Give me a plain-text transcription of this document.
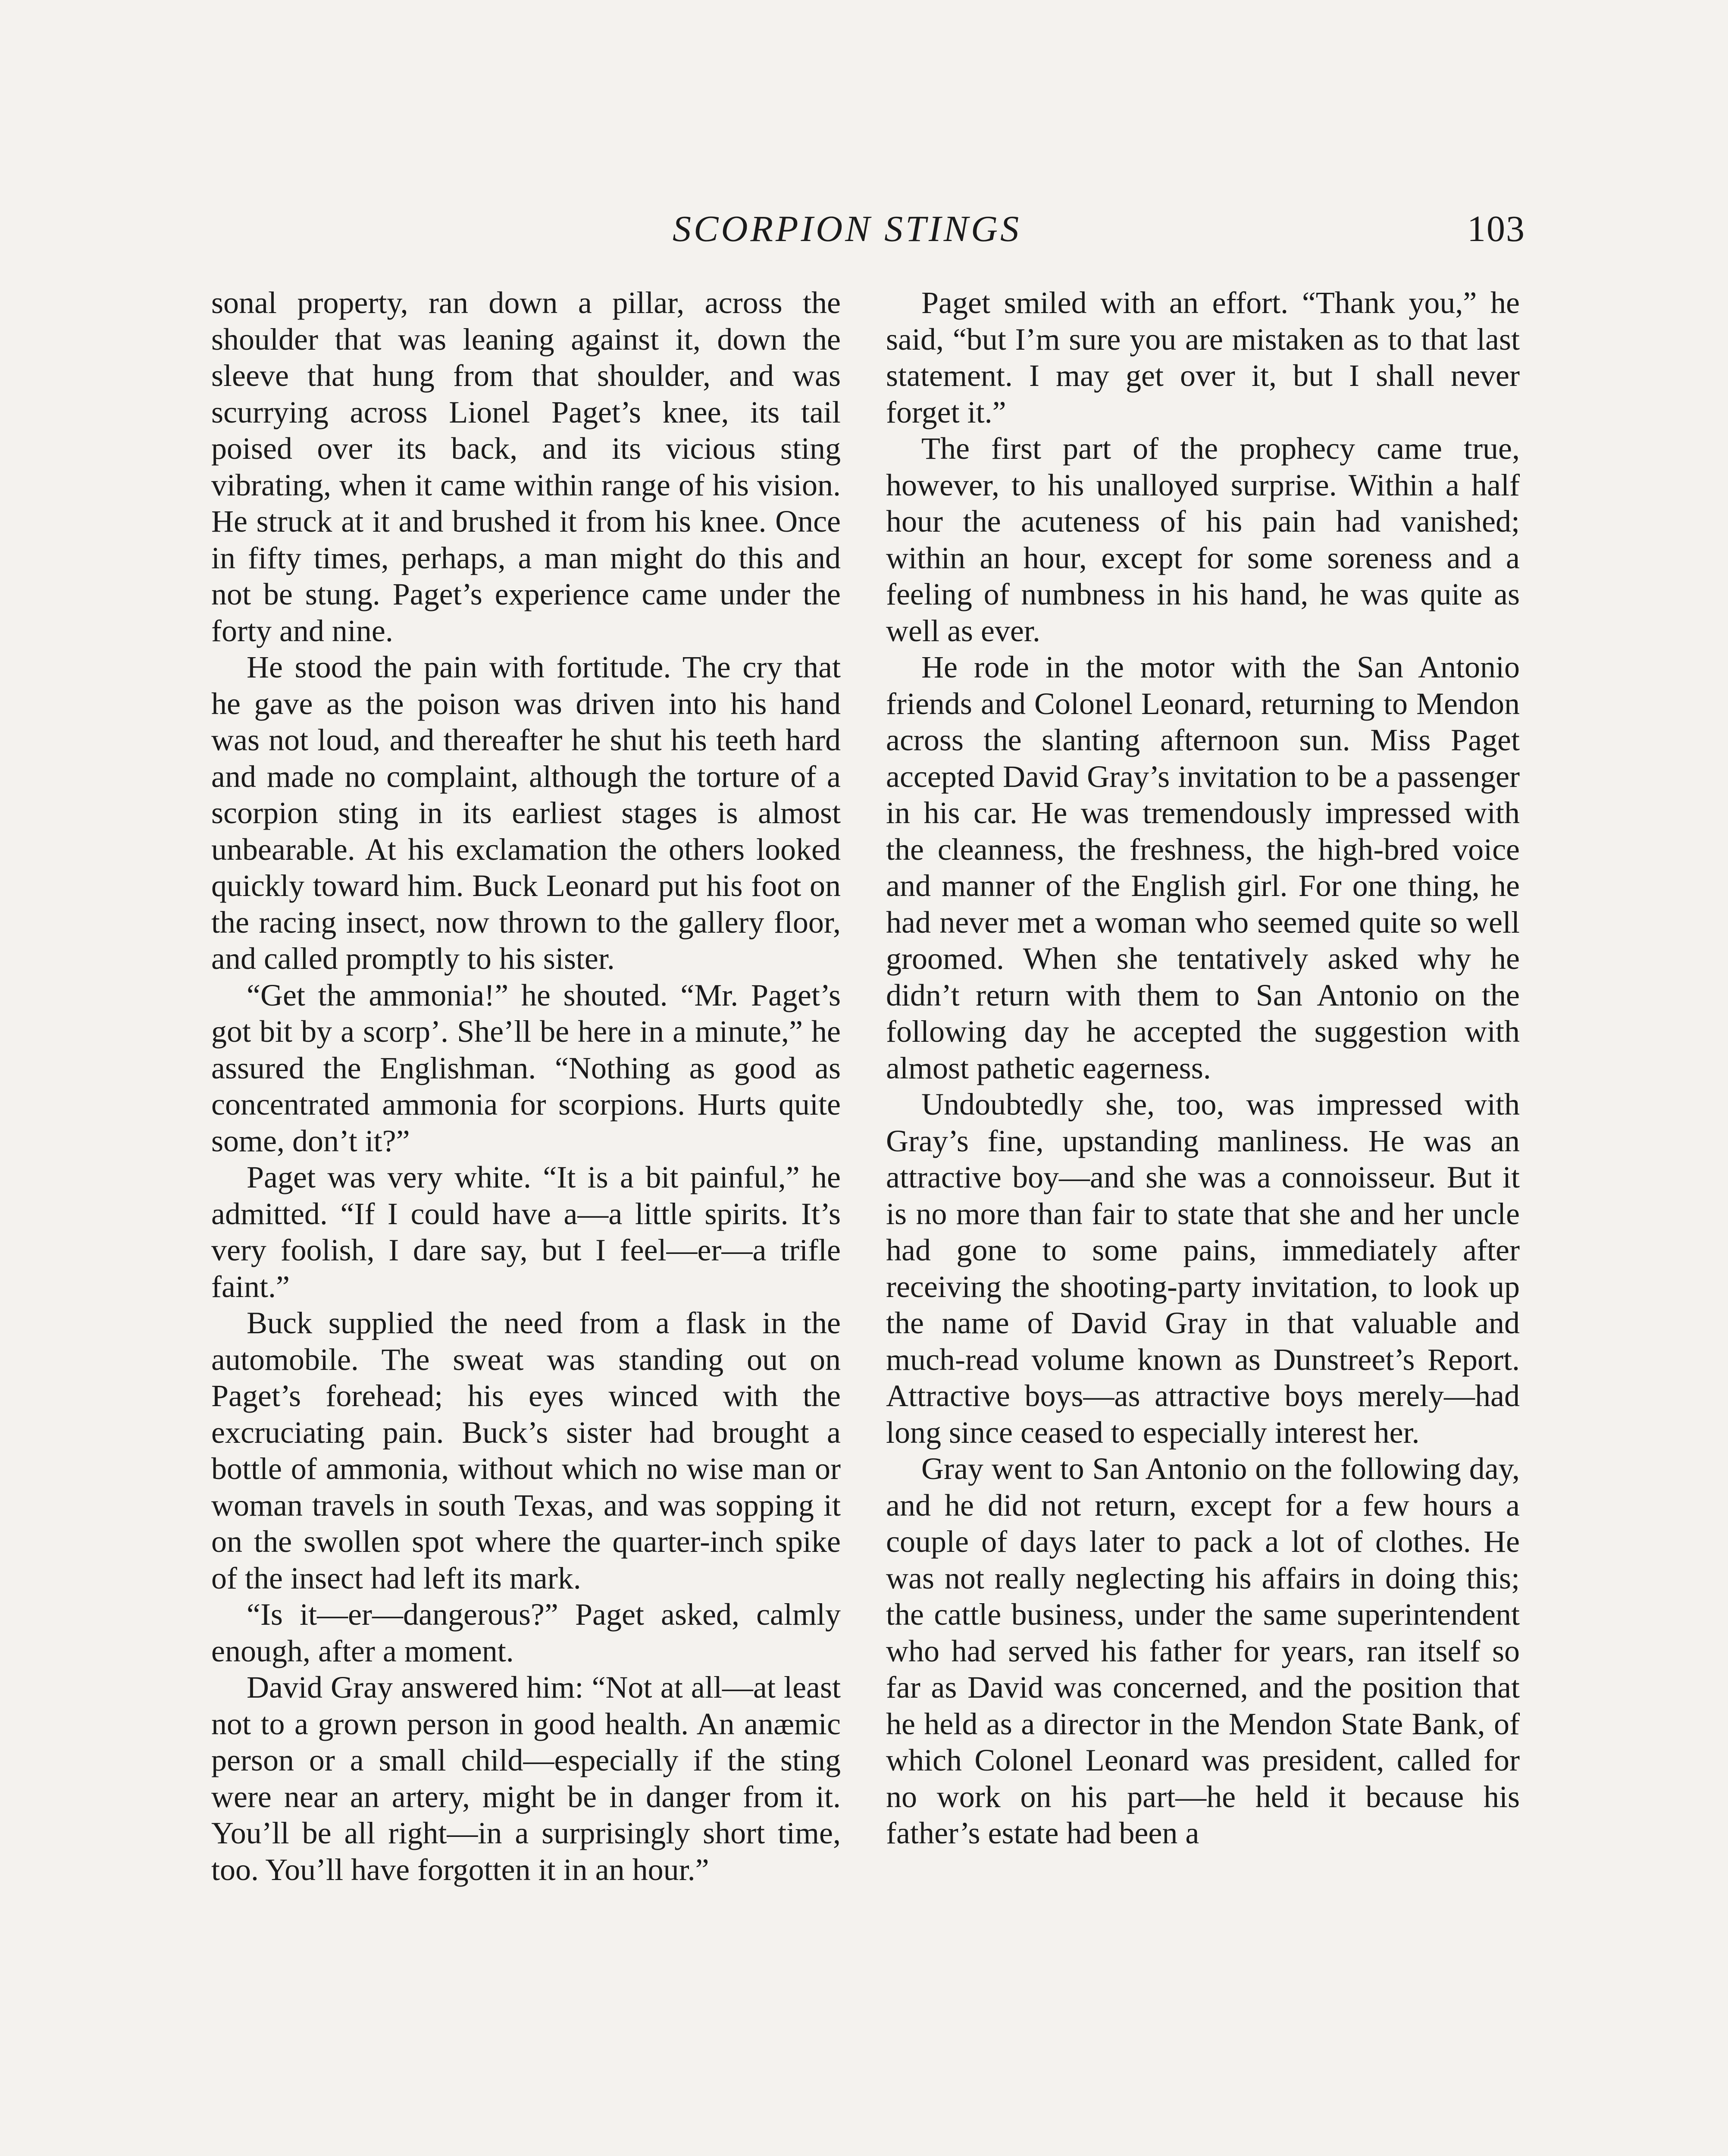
SCORPION STINGS	103

sonal property, ran down a pillar, across the shoulder that was leaning against it, down the sleeve that hung from that shoulder, and was scurrying across Lionel Paget’s knee, its tail poised over its back, and its vicious sting vibrating, when it came within range of his vision. He struck at it and brushed it from his knee. Once in fifty times, perhaps, a man might do this and not be stung. Paget’s experience came under the forty and nine.

He stood the pain with fortitude. The cry that he gave as the poison was driven into his hand was not loud, and thereafter he shut his teeth hard and made no complaint, although the torture of a scorpion sting in its earliest stages is almost unbearable. At his exclamation the others looked quickly toward him. Buck Leonard put his foot on the racing insect, now thrown to the gallery floor, and called promptly to his sister.

“Get the ammonia!” he shouted. “Mr. Paget’s got bit by a scorp’. She’ll be here in a minute,” he assured the Englishman. “Nothing as good as concentrated ammonia for scorpions. Hurts quite some, don’t it?”

Paget was very white. “It is a bit painful,” he admitted. “If I could have a—a little spirits. It’s very foolish, I dare say, but I feel—er—a trifle faint.”

Buck supplied the need from a flask in the automobile. The sweat was standing out on Paget’s forehead; his eyes winced with the excruciating pain. Buck’s sister had brought a bottle of ammonia, without which no wise man or woman travels in south Texas, and was sopping it on the swollen spot where the quarter-inch spike of the insect had left its mark.

“Is it—er—dangerous?” Paget asked, calmly enough, after a moment.

David Gray answered him: “Not at all—at least not to a grown person in good health. An anæmic person or a small child—especially if the sting were near an artery, might be in danger from it. You’ll be all right—in a surprisingly short time, too. You’ll have forgotten it in an hour.”

Paget smiled with an effort. “Thank you,” he said, “but I’m sure you are mistaken as to that last statement. I may get over it, but I shall never forget it.”

The first part of the prophecy came true, however, to his unalloyed surprise. Within a half hour the acuteness of his pain had vanished; within an hour, except for some soreness and a feeling of numbness in his hand, he was quite as well as ever.

He rode in the motor with the San Antonio friends and Colonel Leonard, returning to Mendon across the slanting afternoon sun. Miss Paget accepted David Gray’s invitation to be a passenger in his car. He was tremendously impressed with the cleanness, the freshness, the high-bred voice and manner of the English girl. For one thing, he had never met a woman who seemed quite so well groomed. When she tentatively asked why he didn’t return with them to San Antonio on the following day he accepted the suggestion with almost pathetic eagerness.

Undoubtedly she, too, was impressed with Gray’s fine, upstanding manliness. He was an attractive boy—and she was a connoisseur. But it is no more than fair to state that she and her uncle had gone to some pains, immediately after receiving the shooting-party invitation, to look up the name of David Gray in that valuable and much-read volume known as Dunstreet’s Report. Attractive boys—as attractive boys merely—had long since ceased to especially interest her.

Gray went to San Antonio on the following day, and he did not return, except for a few hours a couple of days later to pack a lot of clothes. He was not really neglecting his affairs in doing this; the cattle business, under the same superintendent who had served his father for years, ran itself so far as David was concerned, and the position that he held as a director in the Mendon State Bank, of which Colonel Leonard was president, called for no work on his part—he held it because his father’s estate had been a
